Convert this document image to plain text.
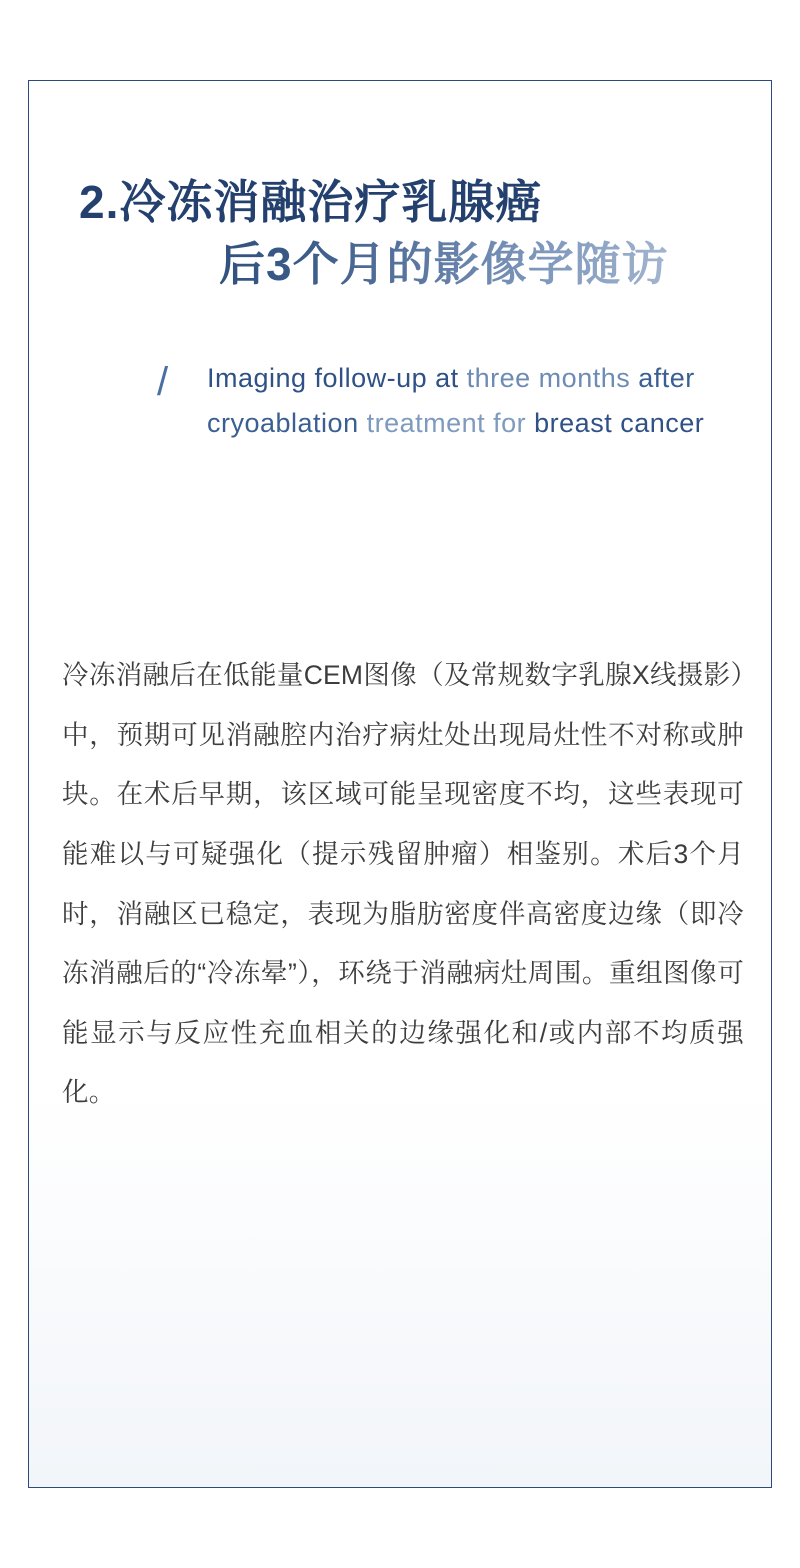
2.冷冻消融治疗乳腺癌
后3个月的影像学随访
/ Imaging follow-up at three months after cryoablation treatment for breast cancer
冷冻消融后在低能量CEM图像（及常规数字乳腺X线摄影）中，预期可见消融腔内治疗病灶处出现局灶性不对称或肿块。在术后早期，该区域可能呈现密度不均，这些表现可能难以与可疑强化（提示残留肿瘤）相鉴别。术后3个月时，消融区已稳定，表现为脂肪密度伴高密度边缘（即冷冻消融后的“冷冻晕”），环绕于消融病灶周围。重组图像可能显示与反应性充血相关的边缘强化和/或内部不均质强化。
